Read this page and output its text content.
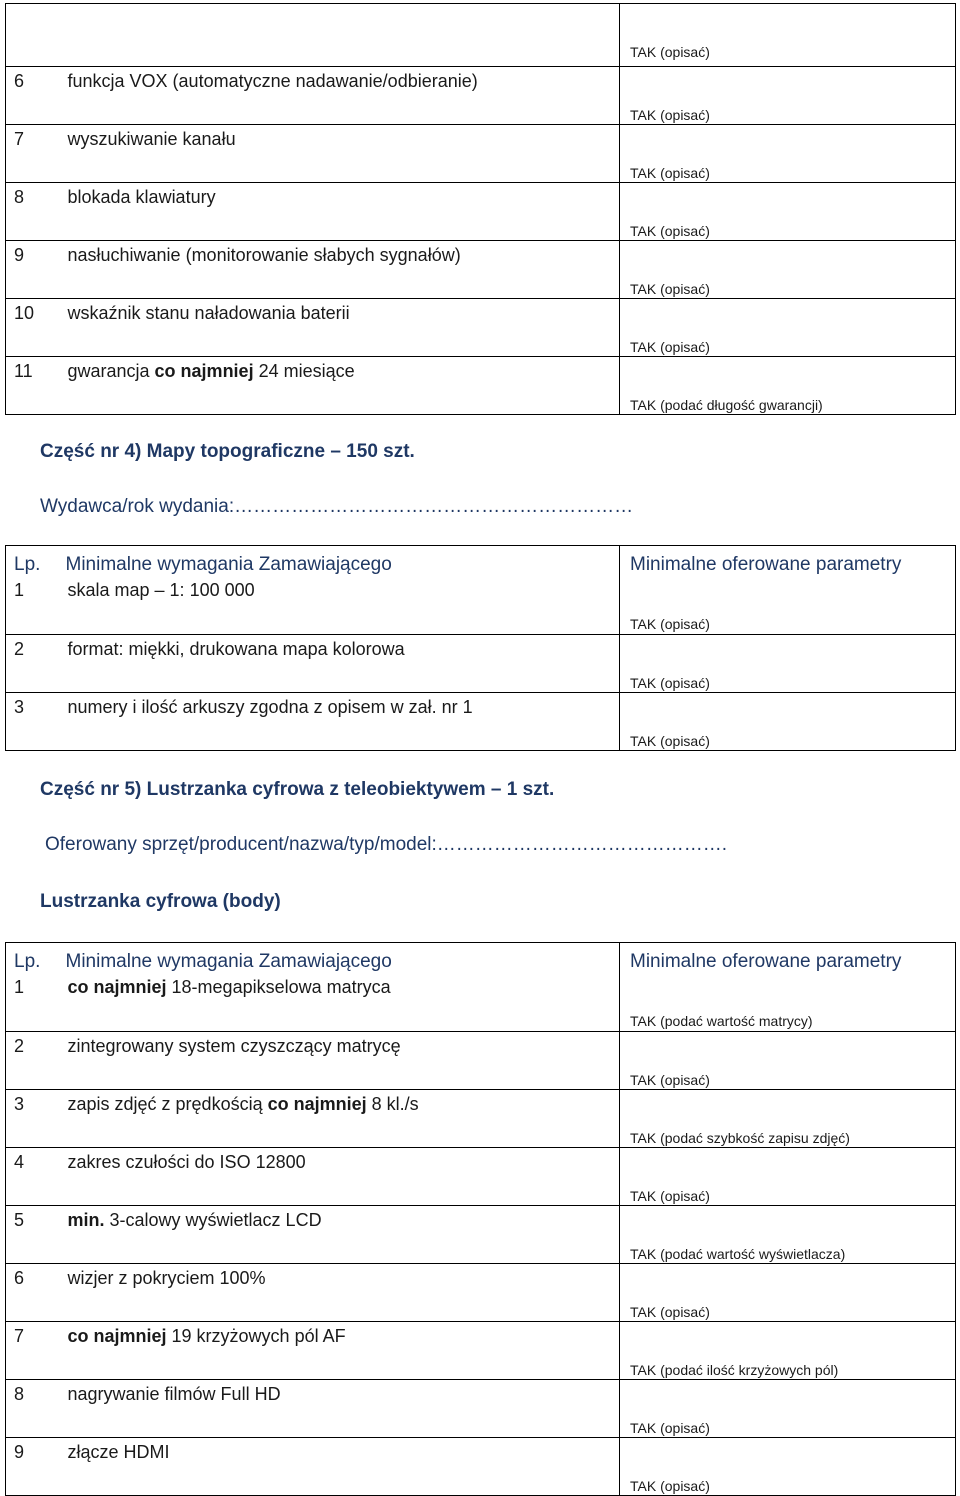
		TAK (opisać)
6	funkcja VOX (automatyczne nadawanie/odbieranie)	TAK (opisać)
7	wyszukiwanie kanału	TAK (opisać)
8	blokada klawiatury	TAK (opisać)
9	nasłuchiwanie (monitorowanie słabych sygnałów)	TAK (opisać)
10	wskaźnik stanu naładowania baterii	TAK (opisać)
11	gwarancja co najmniej 24 miesiące	TAK (podać długość gwarancji)
Część nr 4) Mapy topograficzne – 150 szt.
Wydawca/rok wydania:………………………………………………………
Lp.	Minimalne wymagania Zamawiającego	Minimalne oferowane parametry
1	skala map – 1: 100 000	TAK (opisać)
2	format: miękki, drukowana mapa kolorowa	TAK (opisać)
3	numery i ilość arkuszy zgodna z opisem w zał. nr 1	TAK (opisać)
Część nr 5) Lustrzanka cyfrowa z teleobiektywem – 1 szt.
Oferowany sprzęt/producent/nazwa/typ/model:……………………………………….
Lustrzanka cyfrowa (body)
Lp.	Minimalne wymagania Zamawiającego	Minimalne oferowane parametry
1	co najmniej 18-megapikselowa matryca	TAK (podać wartość matrycy)
2	zintegrowany system czyszczący matrycę	TAK (opisać)
3	zapis zdjęć z prędkością co najmniej 8 kl./s	TAK (podać szybkość zapisu zdjęć)
4	zakres czułości do ISO 12800	TAK (opisać)
5	min. 3-calowy wyświetlacz LCD	TAK (podać wartość wyświetlacza)
6	wizjer z pokryciem 100%	TAK (opisać)
7	co najmniej 19 krzyżowych pól AF	TAK (podać ilość krzyżowych pól)
8	nagrywanie filmów Full HD	TAK (opisać)
9	złącze HDMI	TAK (opisać)
